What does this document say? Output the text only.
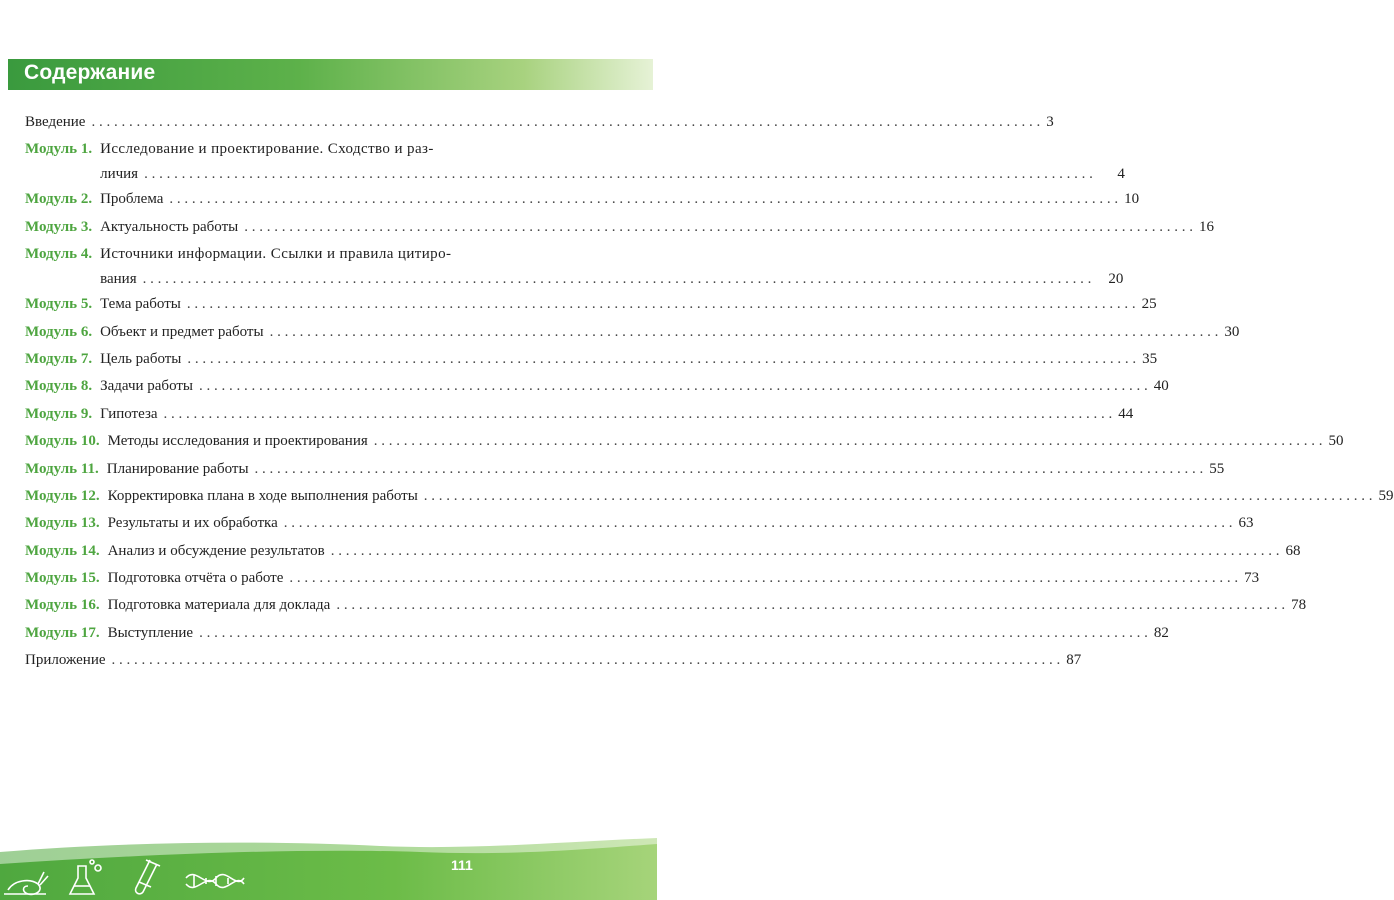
Содержание
Введение . . .	3
Модуль 1. Исследование и проектирование. Сходство и раз-
личия . . .	4
Модуль 2. Проблема . . .	10
Модуль 3. Актуальность работы . . .	16
Модуль 4. Источники информации. Ссылки и правила цитиро-
вания . . .	20
Модуль 5. Тема работы . . .	25
Модуль 6. Объект и предмет работы . . .	30
Модуль 7. Цель работы . . .	35
Модуль 8. Задачи работы . . .	40
Модуль 9. Гипотеза . . .	44
Модуль 10. Методы исследования и проектирования . . .	50
Модуль 11. Планирование работы . . .	55
Модуль 12. Корректировка плана в ходе выполнения работы . . .	59
Модуль 13. Результаты и их обработка . . .	63
Модуль 14. Анализ и обсуждение результатов . . .	68
Модуль 15. Подготовка отчёта о работе . . .	73
Модуль 16. Подготовка материала для доклада . . .	78
Модуль 17. Выступление . . .	82
Приложение . . .	87
111
